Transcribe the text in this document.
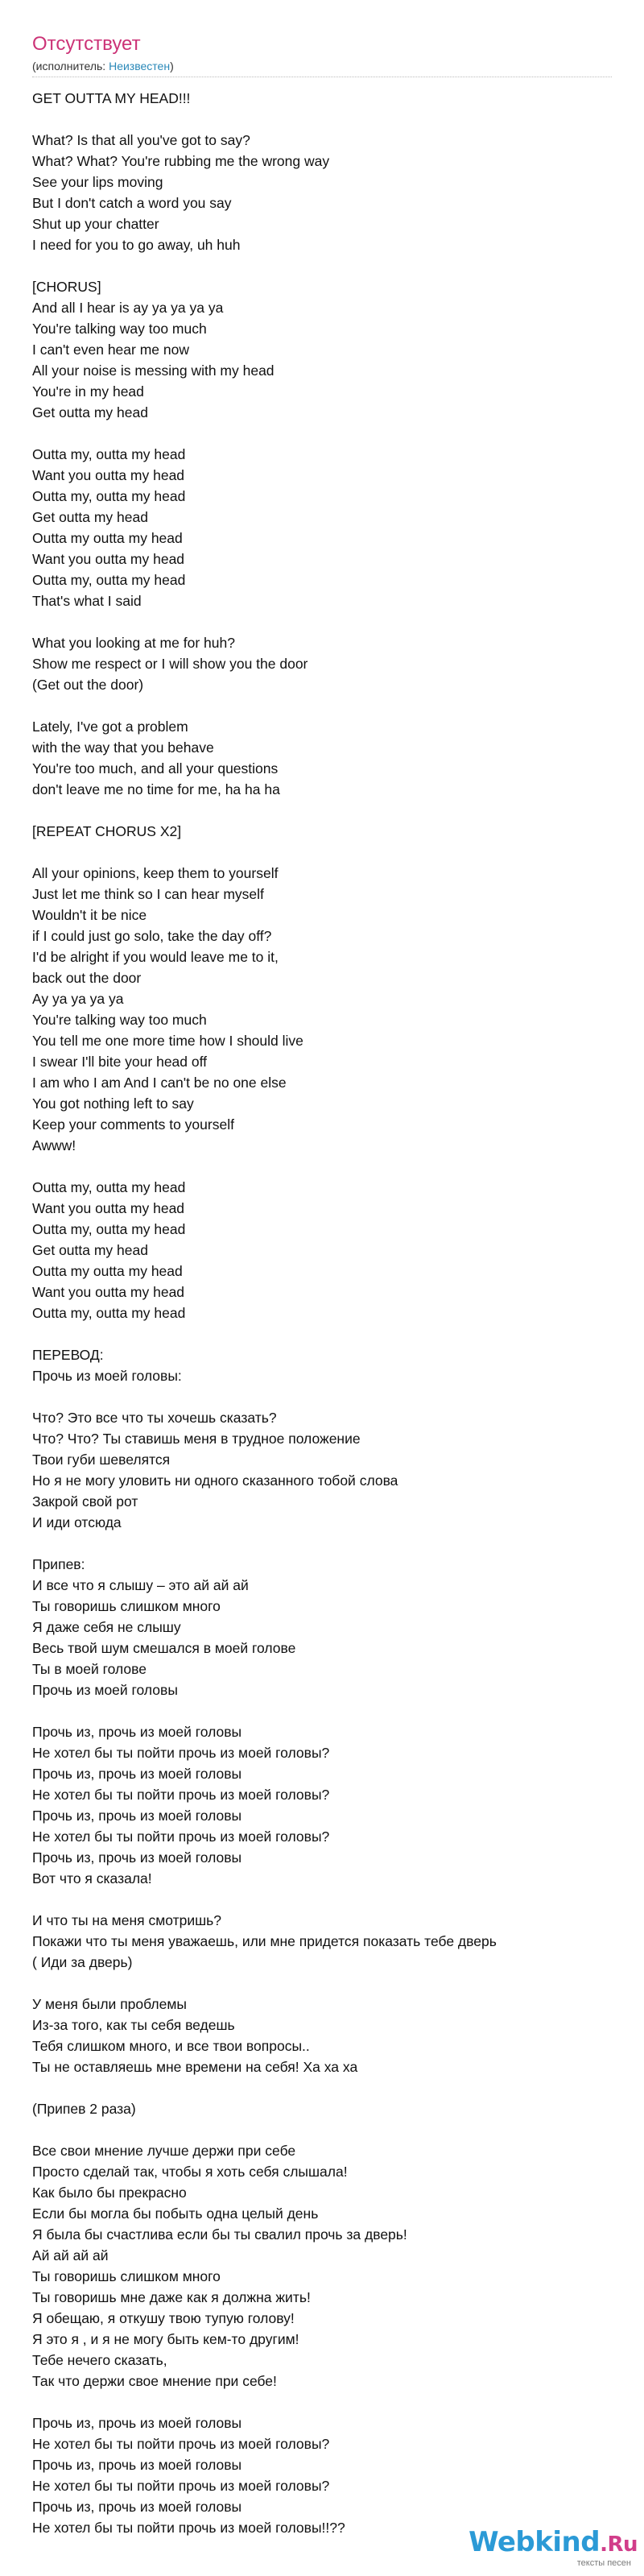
Отсутствует
(исполнитель: Неизвестен)
GET OUTTA MY HEAD!!!
What? Is that all you've got to say?
What? What? You're rubbing me the wrong way
See your lips moving
But I don't catch a word you say
Shut up your chatter
I need for you to go away, uh huh
[CHORUS]
And all I hear is ay ya ya ya ya
You're talking way too much
I can't even hear me now
All your noise is messing with my head
You're in my head
Get outta my head
Outta my, outta my head
Want you outta my head
Outta my, outta my head
Get outta my head
Outta my outta my head
Want you outta my head
Outta my, outta my head
That's what I said
What you looking at me for huh?
Show me respect or I will show you the door
(Get out the door)
Lately, I've got a problem
with the way that you behave
You're too much, and all your questions
don't leave me no time for me, ha ha ha
[REPEAT CHORUS X2]
All your opinions, keep them to yourself
Just let me think so I can hear myself
Wouldn't it be nice
if I could just go solo, take the day off?
I'd be alright if you would leave me to it,
back out the door
Ay ya ya ya ya
You're talking way too much
You tell me one more time how I should live
I swear I'll bite your head off
I am who I am And I can't be no one else
You got nothing left to say
Keep your comments to yourself
Awww!
Outta my, outta my head
Want you outta my head
Outta my, outta my head
Get outta my head
Outta my outta my head
Want you outta my head
Outta my, outta my head
ПЕРЕВОД:
Прочь из моей головы:
Что? Это все что ты хочешь сказать?
Что? Что? Ты ставишь меня в трудное положение
Твои губи шевелятся
Но я не могу уловить ни одного сказанного тобой слова
Закрой свой рот
И иди отсюда
Припев:
И все что я слышу – это ай ай ай
Ты говоришь слишком много
Я даже себя не слышу
Весь твой шум смешался в моей голове
Ты в моей голове
Прочь из моей головы
Прочь из, прочь из моей головы
Не хотел бы ты пойти прочь из моей головы?
Прочь из, прочь из моей головы
Не хотел бы ты пойти прочь из моей головы?
Прочь из, прочь из моей головы
Не хотел бы ты пойти прочь из моей головы?
Прочь из, прочь из моей головы
Вот что я сказала!
И что ты на меня смотришь?
Покажи что ты меня уважаешь, или мне придется показать тебе дверь
( Иди за дверь)
У меня были проблемы
Из-за того, как ты себя ведешь
Тебя слишком много, и все твои вопросы..
Ты не оставляешь мне времени на себя! Ха ха ха
(Припев 2 раза)
Все свои мнение лучше держи при себе
Просто сделай так, чтобы я хоть себя слышала!
Как было бы прекрасно
Если бы могла бы побыть одна целый день
Я была бы счастлива если бы ты свалил прочь за дверь!
Ай ай ай ай
Ты говоришь слишком много
Ты говоришь мне даже как я должна жить!
Я обещаю, я откушу твою тупую голову!
Я это я , и я не могу быть кем-то другим!
Тебе нечего сказать,
Так что держи свое мнение при себе!
Прочь из, прочь из моей головы
Не хотел бы ты пойти прочь из моей головы?
Прочь из, прочь из моей головы
Не хотел бы ты пойти прочь из моей головы?
Прочь из, прочь из моей головы
Не хотел бы ты пойти прочь из моей головы!!??	Webkind.Ru
тексты песен
